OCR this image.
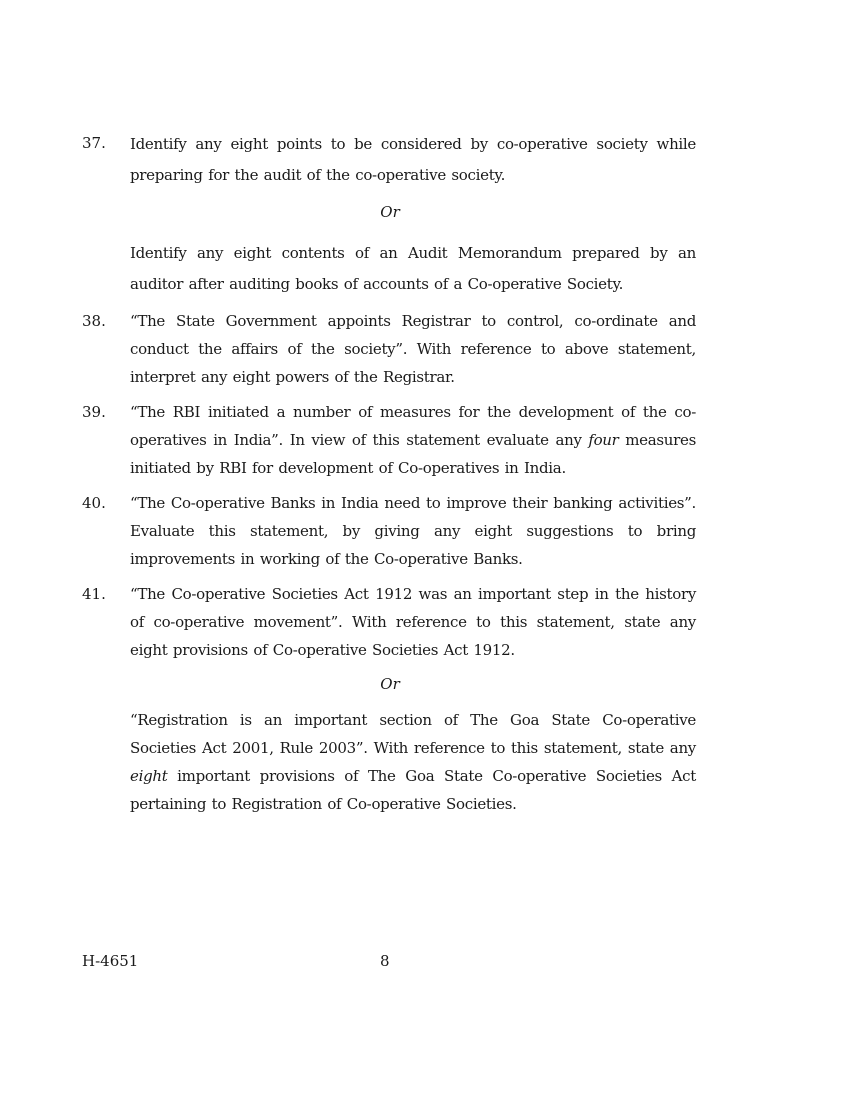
37.	Identify any eight points to be considered by co-operative society while preparing for the audit of the co-operative society.
Or
Identify any eight contents of an Audit Memorandum prepared by an auditor after auditing books of accounts of a Co-operative Society.
38.	“The State Government appoints Registrar to control, co-ordinate and conduct the affairs of the society”. With reference to above statement, interpret any eight powers of the Registrar.
39.	“The RBI initiated a number of measures for the development of the co-operatives in India”. In view of this statement evaluate any four measures initiated by RBI for development of Co-operatives in India.
40.	“The Co-operative Banks in India need to improve their banking activities”. Evaluate this statement, by giving any eight suggestions to bring improvements in working of the Co-operative Banks.
41.	“The Co-operative Societies Act 1912 was an important step in the history of co-operative movement”. With reference to this statement, state any eight provisions of Co-operative Societies Act 1912.
Or
“Registration is an important section of The Goa State Co-operative Societies Act 2001, Rule 2003”. With reference to this statement, state any eight important provisions of The Goa State Co-operative Societies Act pertaining to Registration of Co-operative Societies.
H-4651	8
